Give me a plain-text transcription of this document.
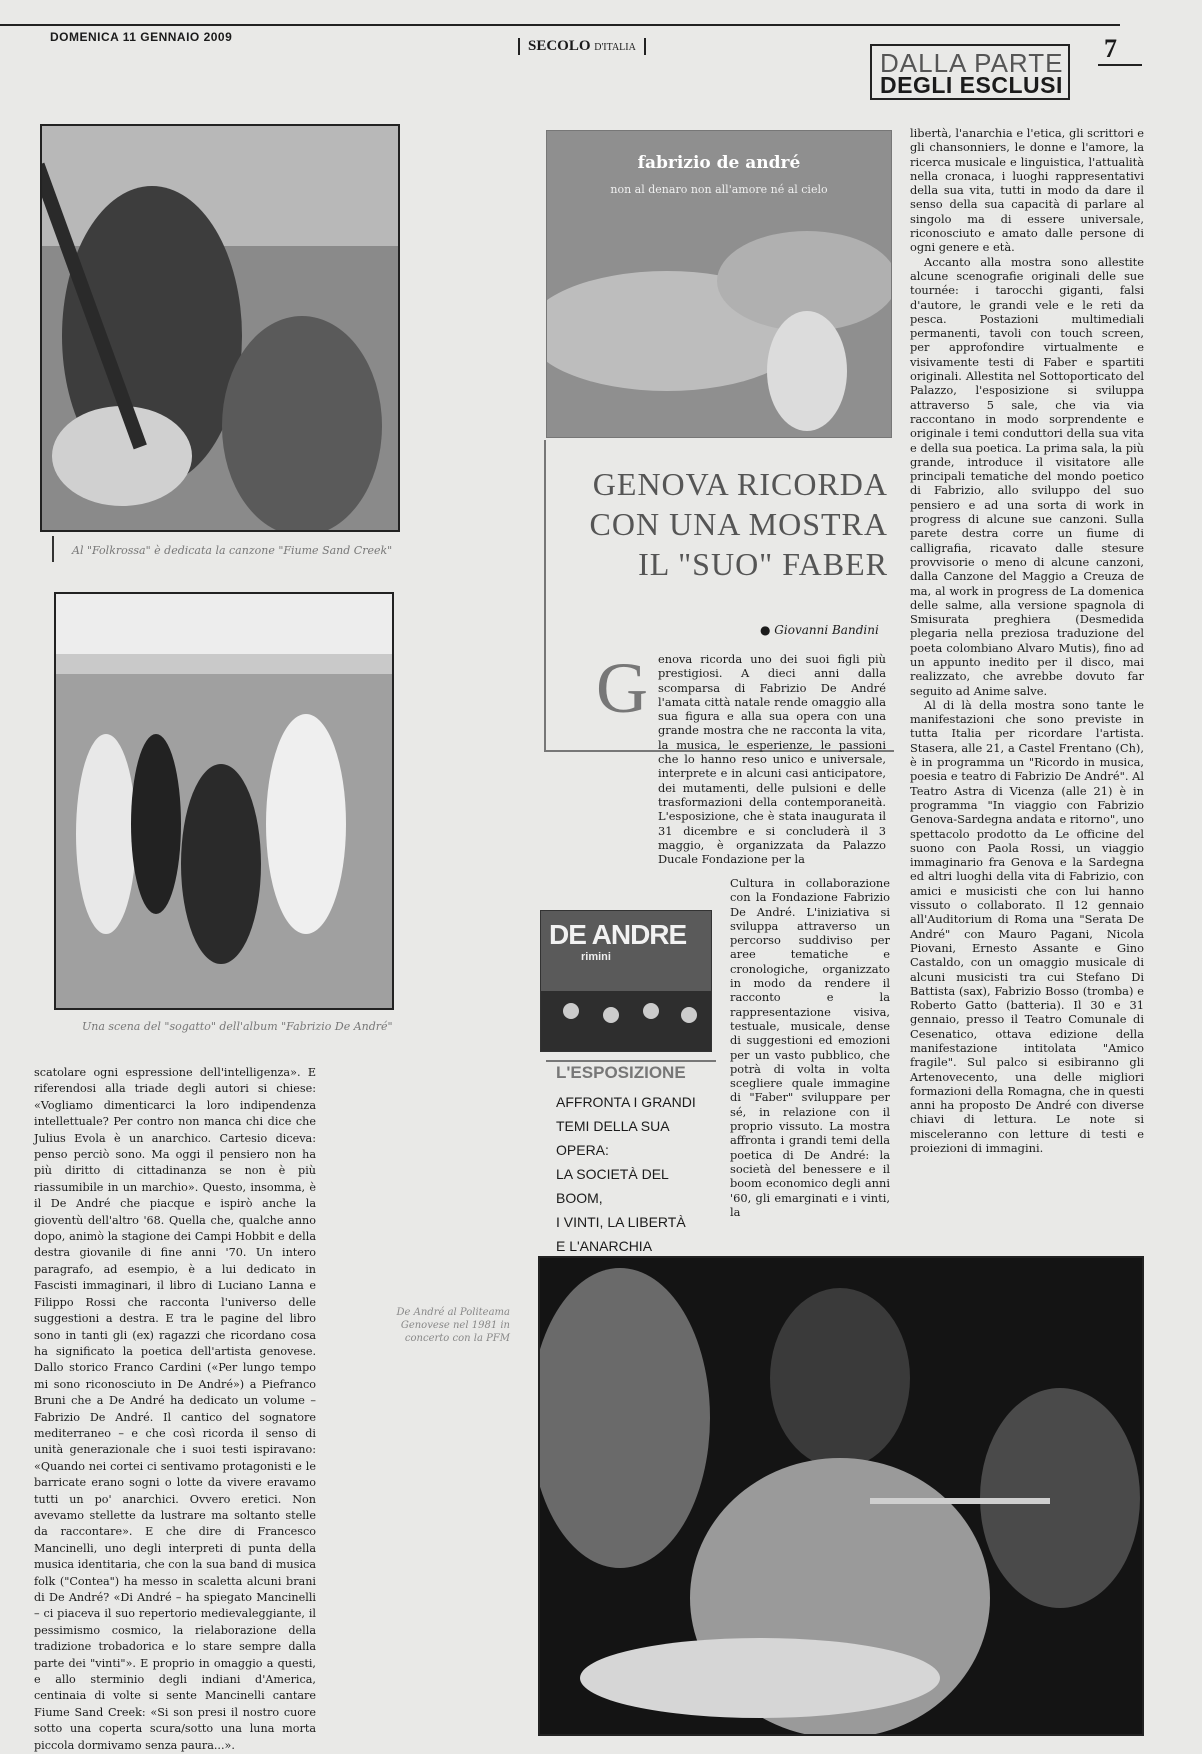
DOMENICA 11 GENNAIO 2009
SECOLO D'ITALIA
DALLA PARTE
DEGLI ESCLUSI
7
Al "Folkrossa" è dedicata la canzone "Fiume Sand Creek"
Una scena del "sogatto" dell'album "Fabrizio De André"

scatolare ogni espressione dell'intelligenza». E riferendosi alla triade degli autori si chiese: «Vogliamo dimenticarci la loro indipendenza intellettuale? Per contro non manca chi dice che Julius Evola è un anarchico. Cartesio diceva: penso perciò sono. Ma oggi il pensiero non ha più diritto di cittadinanza se non è più riassumibile in un marchio». Questo, insomma, è il De André che piacque e ispirò anche la gioventù dell'altro '68. Quella che, qualche anno dopo, animò la stagione dei Campi Hobbit e della destra giovanile di fine anni '70. Un intero paragrafo, ad esempio, è a lui dedicato in Fascisti immaginari, il libro di Luciano Lanna e Filippo Rossi che racconta l'universo delle suggestioni a destra. E tra le pagine del libro sono in tanti gli (ex) ragazzi che ricordano cosa ha significato la poetica dell'artista genovese. Dallo storico Franco Cardini («Per lungo tempo mi sono riconosciuto in De André») a Piefranco Bruni che a De André ha dedicato un volume – Fabrizio De André. Il cantico del sognatore mediterraneo – e che così ricorda il senso di unità generazionale che i suoi testi ispiravano: «Quando nei cortei ci sentivamo protagonisti e le barricate erano sogni o lotte da vivere eravamo tutti un po' anarchici. Ovvero eretici. Non avevamo stellette da lustrare ma soltanto stelle da raccontare». E che dire di Francesco Mancinelli, uno degli interpreti di punta della musica identitaria, che con la sua band di musica folk ("Contea") ha messo in scaletta alcuni brani di De André? «Di André – ha spiegato Mancinelli – ci piaceva il suo repertorio medievaleggiante, il pessimismo cosmico, la rielaborazione della tradizione trobadorica e lo stare sempre dalla parte dei "vinti"». E proprio in omaggio a questi, e allo sterminio degli indiani d'America, centinaia di volte si sente Mancinelli cantare Fiume Sand Creek: «Si son presi il nostro cuore sotto una coperta scura/sotto una luna morta piccola dormivamo senza paura...».

fabrizio de andré
non al denaro non all'amore né al cielo
GENOVA RICORDA
CON UNA MOSTRA
IL "SUO" FABER
● Giovanni Bandini
G enova ricorda uno dei suoi figli più prestigiosi. A dieci anni dalla scomparsa di Fabrizio De André l'amata città natale rende omaggio alla sua figura e alla sua opera con una grande mostra che ne racconta la vita, la musica, le esperienze, le passioni che lo hanno reso unico e universale, interprete e in alcuni casi anticipatore, dei mutamenti, delle pulsioni e delle trasformazioni della contemporaneità. L'esposizione, che è stata inaugurata il 31 dicembre e si concluderà il 3 maggio, è organizzata da Palazzo Ducale Fondazione per la

Cultura in collaborazione con la Fondazione Fabrizio De André. L'iniziativa si sviluppa attraverso un percorso suddiviso per aree tematiche e cronologiche, organizzato in modo da rendere il racconto e la rappresentazione visiva, testuale, musicale, dense di suggestioni ed emozioni per un vasto pubblico, che potrà di volta in volta scegliere quale immagine di "Faber" sviluppare per sé, in relazione con il proprio vissuto. La mostra affronta i grandi temi della poetica di De André: la società del benessere e il boom economico degli anni '60, gli emarginati e i vinti, la

DE ANDRE
rimini
L'ESPOSIZIONE
AFFRONTA I GRANDI
TEMI DELLA SUA OPERA:
LA SOCIETÀ DEL BOOM,
I VINTI, LA LIBERTÀ
E L'ANARCHIA

libertà, l'anarchia e l'etica, gli scrittori e gli chansonniers, le donne e l'amore, la ricerca musicale e linguistica, l'attualità nella cronaca, i luoghi rappresentativi della sua vita, tutti in modo da dare il senso della sua capacità di parlare al singolo ma di essere universale, riconosciuto e amato dalle persone di ogni genere e età.

Accanto alla mostra sono allestite alcune scenografie originali delle sue tournée: i tarocchi giganti, falsi d'autore, le grandi vele e le reti da pesca. Postazioni multimediali permanenti, tavoli con touch screen, per approfondire virtualmente e visivamente testi di Faber e spartiti originali. Allestita nel Sottoporticato del Palazzo, l'esposizione si sviluppa attraverso 5 sale, che via via raccontano in modo sorprendente e originale i temi conduttori della sua vita e della sua poetica. La prima sala, la più grande, introduce il visitatore alle principali tematiche del mondo poetico di Fabrizio, allo sviluppo del suo pensiero e ad una sorta di work in progress di alcune sue canzoni. Sulla parete destra corre un fiume di calligrafia, ricavato dalle stesure provvisorie o meno di alcune canzoni, dalla Canzone del Maggio a Creuza de ma, al work in progress de La domenica delle salme, alla versione spagnola di Smisurata preghiera (Desmedida plegaria nella preziosa traduzione del poeta colombiano Alvaro Mutis), fino ad un appunto inedito per il disco, mai realizzato, che avrebbe dovuto far seguito ad Anime salve.

Al di là della mostra sono tante le manifestazioni che sono previste in tutta Italia per ricordare l'artista. Stasera, alle 21, a Castel Frentano (Ch), è in programma un "Ricordo in musica, poesia e teatro di Fabrizio De André". Al Teatro Astra di Vicenza (alle 21) è in programma "In viaggio con Fabrizio Genova-Sardegna andata e ritorno", uno spettacolo prodotto da Le officine del suono con Paola Rossi, un viaggio immaginario fra Genova e la Sardegna ed altri luoghi della vita di Fabrizio, con amici e musicisti che con lui hanno vissuto o collaborato. Il 12 gennaio all'Auditorium di Roma una "Serata De André" con Mauro Pagani, Nicola Piovani, Ernesto Assante e Gino Castaldo, con un omaggio musicale di alcuni musicisti tra cui Stefano Di Battista (sax), Fabrizio Bosso (tromba) e Roberto Gatto (batteria). Il 30 e 31 gennaio, presso il Teatro Comunale di Cesenatico, ottava edizione della manifestazione intitolata "Amico fragile". Sul palco si esibiranno gli Artenovecento, una delle migliori formazioni della Romagna, che in questi anni ha proposto De André con diverse chiavi di lettura. Le note si misceleranno con letture di testi e proiezioni di immagini.

De André al Politeama Genovese nel 1981 in concerto con la PFM
